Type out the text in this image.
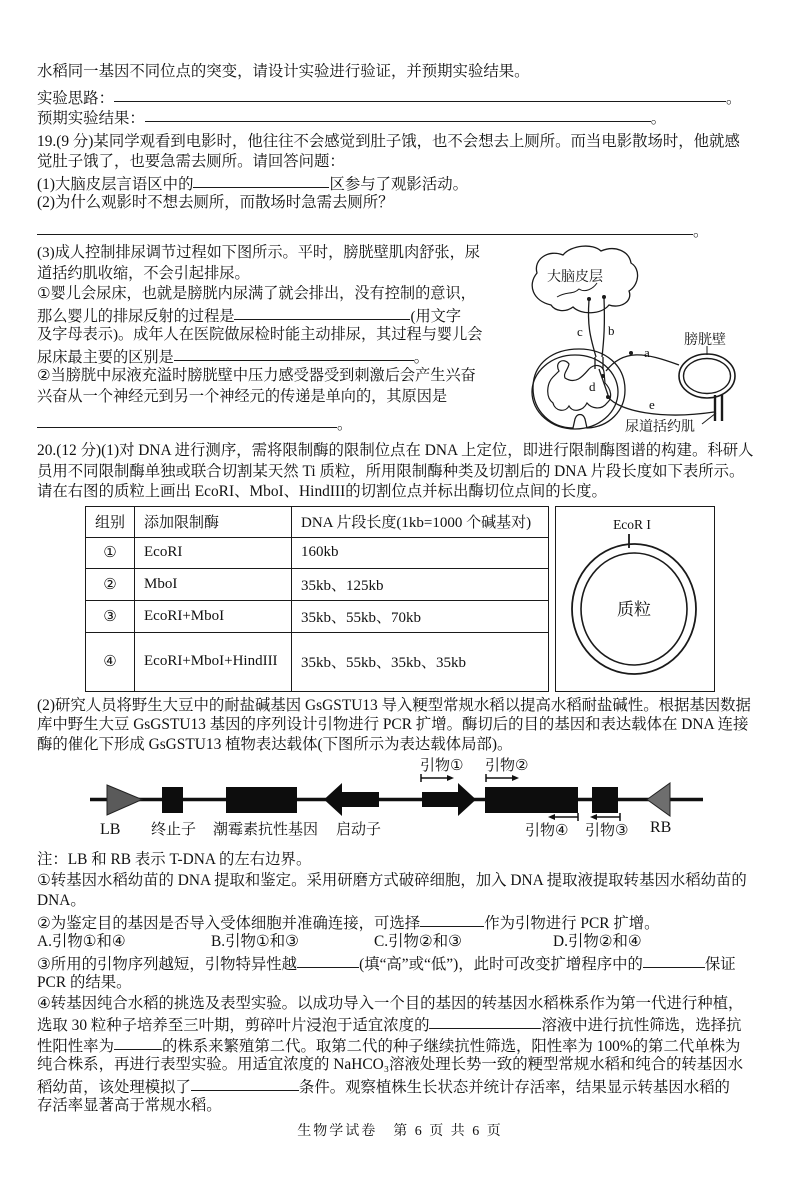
水稻同一基因不同位点的突变，请设计实验进行验证，并预期实验结果。
实验思路：	。
预期实验结果：	。
19.(9 分)某同学观看到电影时，他往往不会感觉到肚子饿，也不会想去上厕所。而当电影散场时，他就感
觉肚子饿了，也要急需去厕所。请回答问题：
(1)大脑皮层言语区中的	区参与了观影活动。
(2)为什么观影时不想去厕所，而散场时急需去厕所？
。
(3)成人控制排尿调节过程如下图所示。平时，膀胱壁肌肉舒张，尿
道括约肌收缩，不会引起排尿。
①婴儿会尿床，也就是膀胱内尿满了就会排出，没有控制的意识，
那么婴儿的排尿反射的过程是	(用文字
及字母表示)。成年人在医院做尿检时能主动排尿，其过程与婴儿会
尿床最主要的区别是	。
②当膀胱中尿液充溢时膀胱壁中压力感受器受到刺激后会产生兴奋
兴奋从一个神经元到另一个神经元的传递是单向的，其原因是
。
大脑皮层
膀胱壁
尿道括约肌
a
b
c
d
e
20.(12 分)(1)对 DNA 进行测序，需将限制酶的限制位点在 DNA 上定位，即进行限制酶图谱的构建。科研人
员用不同限制酶单独或联合切割某天然 Ti 质粒，所用限制酶种类及切割后的 DNA 片段长度如下表所示。
请在右图的质粒上画出 EcoRI、MboI、HindIII的切割位点并标出酶切位点间的长度。
组别	添加限制酶	DNA 片段长度(1kb=1000 个碱基对)
①	EcoRI	160kb
②	MboI	35kb、125kb
③	EcoRI+MboI	35kb、55kb、70kb
④	EcoRI+MboI+HindIII	35kb、55kb、35kb、35kb
EcoR I
质粒
(2)研究人员将野生大豆中的耐盐碱基因 GsGSTU13 导入粳型常规水稻以提高水稻耐盐碱性。根据基因数据
库中野生大豆 GsGSTU13 基因的序列设计引物进行 PCR 扩增。酶切后的目的基因和表达载体在 DNA 连接
酶的催化下形成 GsGSTU13 植物表达载体(下图所示为表达载体局部)。
引物① 引物②
引物④ 引物③
LB 终止子 潮霉素抗性基因 启动子	RB
注：LB 和 RB 表示 T-DNA 的左右边界。
①转基因水稻幼苗的 DNA 提取和鉴定。采用研磨方式破碎细胞，加入 DNA 提取液提取转基因水稻幼苗的
DNA。
②为鉴定目的基因是否导入受体细胞并准确连接，可选择	作为引物进行 PCR 扩增。
A.引物①和④	B.引物①和③	C.引物②和③	D.引物②和④
③所用的引物序列越短，引物特异性越	(填“高”或“低”)，此时可改变扩增程序中的	保证
PCR 的结果。
④转基因纯合水稻的挑选及表型实验。以成功导入一个目的基因的转基因水稻株系作为第一代进行种植，
选取 30 粒种子培养至三叶期，剪碎叶片浸泡于适宜浓度的	溶液中进行抗性筛选，选择抗
性阳性率为	的株系来繁殖第二代。取第二代的种子继续抗性筛选，阳性率为 100%的第二代单株为
纯合株系，再进行表型实验。用适宜浓度的 NaHCO₃溶液处理长势一致的粳型常规水稻和纯合的转基因水
稻幼苗，该处理模拟了	条件。观察植株生长状态并统计存活率，结果显示转基因水稻的
存活率显著高于常规水稻。
生物学试卷　第 6 页 共 6 页
